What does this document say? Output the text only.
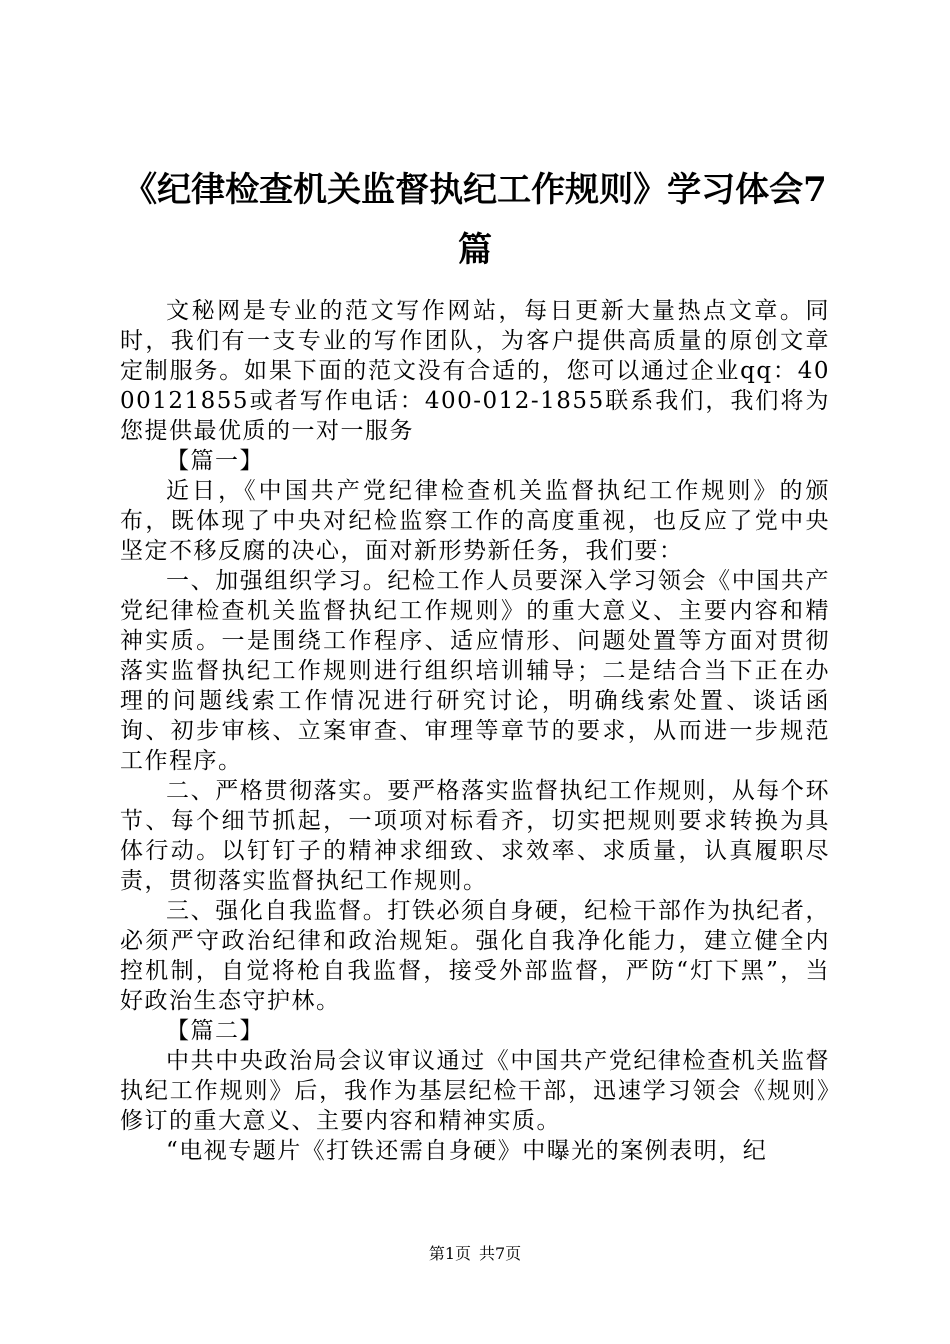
《纪律检查机关监督执纪工作规则》学习体会7篇

文秘网是专业的范文写作网站，每日更新大量热点文章。同时，我们有一支专业的写作团队，为客户提供高质量的原创文章定制服务。如果下面的范文没有合适的，您可以通过企业qq：4000121855或者写作电话：400-012-1855联系我们，我们将为您提供最优质的一对一服务

【篇一】

近日，《中国共产党纪律检查机关监督执纪工作规则》的颁布，既体现了中央对纪检监察工作的高度重视，也反应了党中央坚定不移反腐的决心，面对新形势新任务，我们要：

一、加强组织学习。纪检工作人员要深入学习领会《中国共产党纪律检查机关监督执纪工作规则》的重大意义、主要内容和精神实质。一是围绕工作程序、适应情形、问题处置等方面对贯彻落实监督执纪工作规则进行组织培训辅导；二是结合当下正在办理的问题线索工作情况进行研究讨论，明确线索处置、谈话函询、初步审核、立案审查、审理等章节的要求，从而进一步规范工作程序。

二、严格贯彻落实。要严格落实监督执纪工作规则，从每个环节、每个细节抓起，一项项对标看齐，切实把规则要求转换为具体行动。以钉钉子的精神求细致、求效率、求质量，认真履职尽责，贯彻落实监督执纪工作规则。

三、强化自我监督。打铁必须自身硬，纪检干部作为执纪者，必须严守政治纪律和政治规矩。强化自我净化能力，建立健全内控机制，自觉将枪自我监督，接受外部监督，严防“灯下黑”，当好政治生态守护林。

【篇二】

中共中央政治局会议审议通过《中国共产党纪律检查机关监督执纪工作规则》后，我作为基层纪检干部，迅速学习领会《规则》修订的重大意义、主要内容和精神实质。

“电视专题片《打铁还需自身硬》中曝光的案例表明，纪

第1页 共7页
